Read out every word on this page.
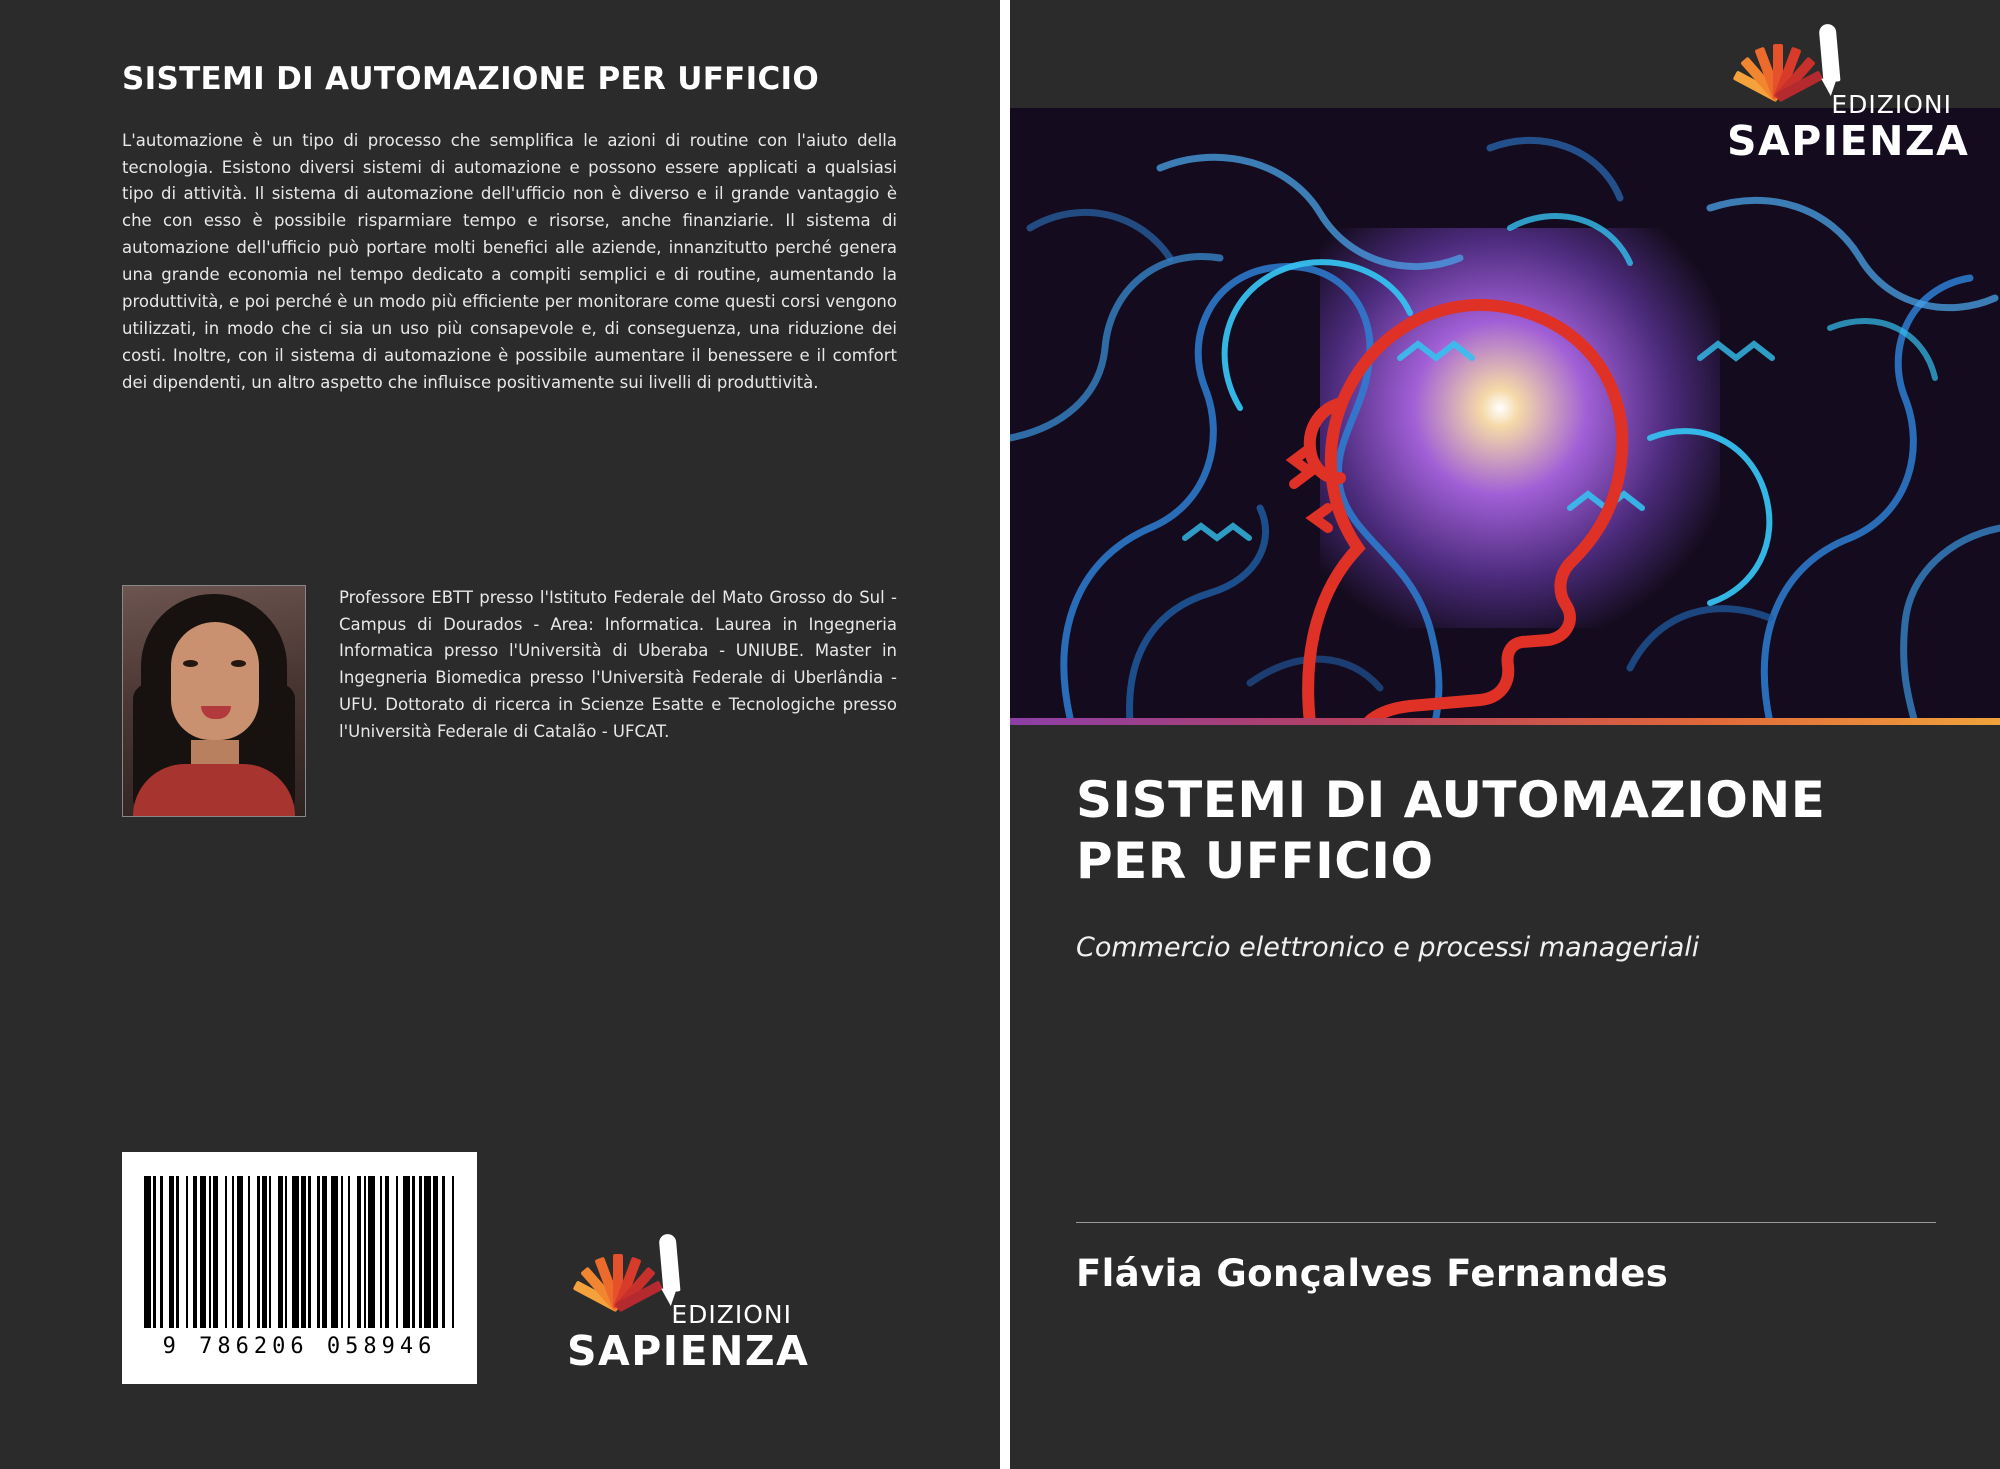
SISTEMI DI AUTOMAZIONE PER UFFICIO

L'automazione è un tipo di processo che semplifica le azioni di routine con l'aiuto della tecnologia. Esistono diversi sistemi di automazione e possono essere applicati a qualsiasi tipo di attività. Il sistema di automazione dell'ufficio non è diverso e il grande vantaggio è che con esso è possibile risparmiare tempo e risorse, anche finanziarie. Il sistema di automazione dell'ufficio può portare molti benefici alle aziende, innanzitutto perché genera una grande economia nel tempo dedicato a compiti semplici e di routine, aumentando la produttività, e poi perché è un modo più efficiente per monitorare come questi corsi vengono utilizzati, in modo che ci sia un uso più consapevole e, di conseguenza, una riduzione dei costi. Inoltre, con il sistema di automazione è possibile aumentare il benessere e il comfort dei dipendenti, un altro aspetto che influisce positivamente sui livelli di produttività.

Professore EBTT presso l'Istituto Federale del Mato Grosso do Sul - Campus di Dourados - Area: Informatica. Laurea in Ingegneria Informatica presso l'Università di Uberaba - UNIUBE. Master in Ingegneria Biomedica presso l'Università Federale di Uberlândia - UFU. Dottorato di ricerca in Scienze Esatte e Tecnologiche presso l'Università Federale di Catalão - UFCAT.
9 786206 058946
EDIZIONI
SAPIENZA
EDIZIONI
SAPIENZA
SISTEMI DI AUTOMAZIONE PER UFFICIO

Commercio elettronico e processi manageriali

Flávia Gonçalves Fernandes
